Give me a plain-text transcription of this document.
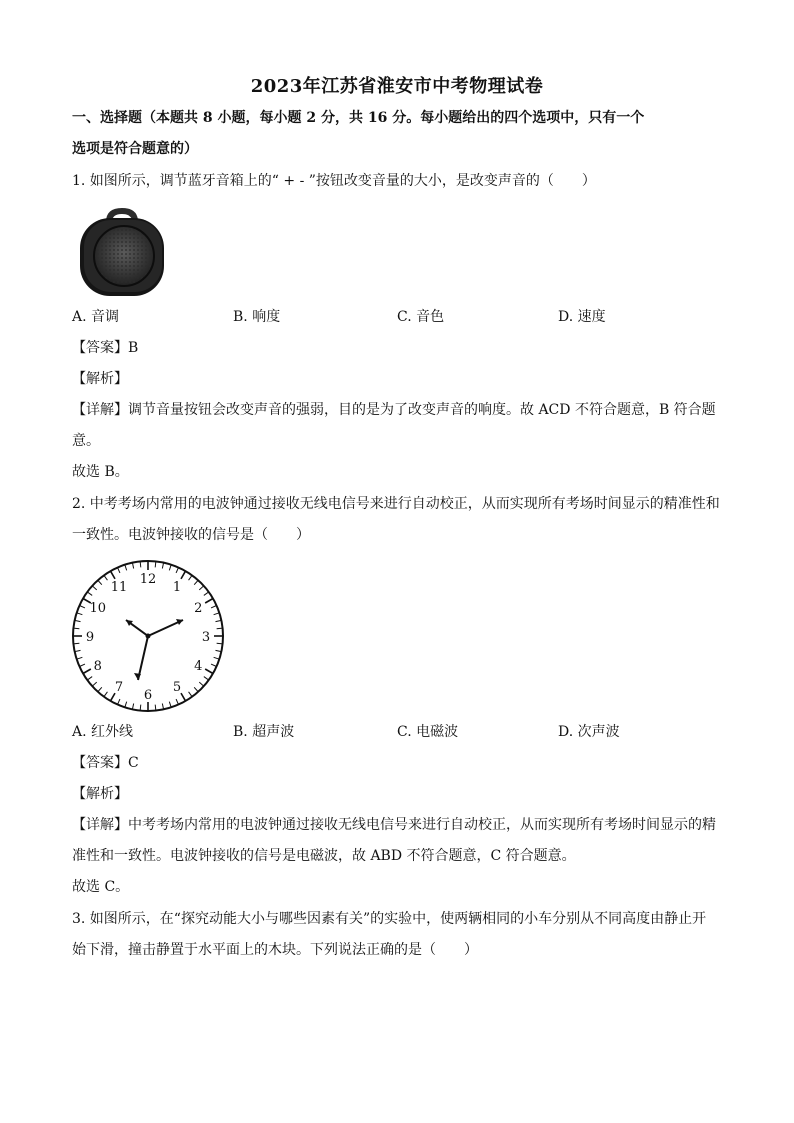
2023年江苏省淮安市中考物理试卷
一、选择题（本题共 8 小题，每小题 2 分，共 16 分。每小题给出的四个选项中，只有一个
选项是符合题意的）
1. 如图所示，调节蓝牙音箱上的“ + - ”按钮改变音量的大小，是改变声音的（　　）
A. 音调	B. 响度	C. 音色	D. 速度
【答案】B
【解析】
【详解】调节音量按钮会改变声音的强弱，目的是为了改变声音的响度。故 ACD 不符合题意，B 符合题
意。
故选 B。
2. 中考考场内常用的电波钟通过接收无线电信号来进行自动校正，从而实现所有考场时间显示的精准性和
一致性。电波钟接收的信号是（　　）
12
1
2
3
4
5
6
7
8
9
10
11
A. 红外线	B. 超声波	C. 电磁波	D. 次声波
【答案】C
【解析】
【详解】中考考场内常用的电波钟通过接收无线电信号来进行自动校正，从而实现所有考场时间显示的精
准性和一致性。电波钟接收的信号是电磁波，故 ABD 不符合题意，C 符合题意。
故选 C。
3. 如图所示，在“探究动能大小与哪些因素有关”的实验中，使两辆相同的小车分别从不同高度由静止开
始下滑，撞击静置于水平面上的木块。下列说法正确的是（　　）
